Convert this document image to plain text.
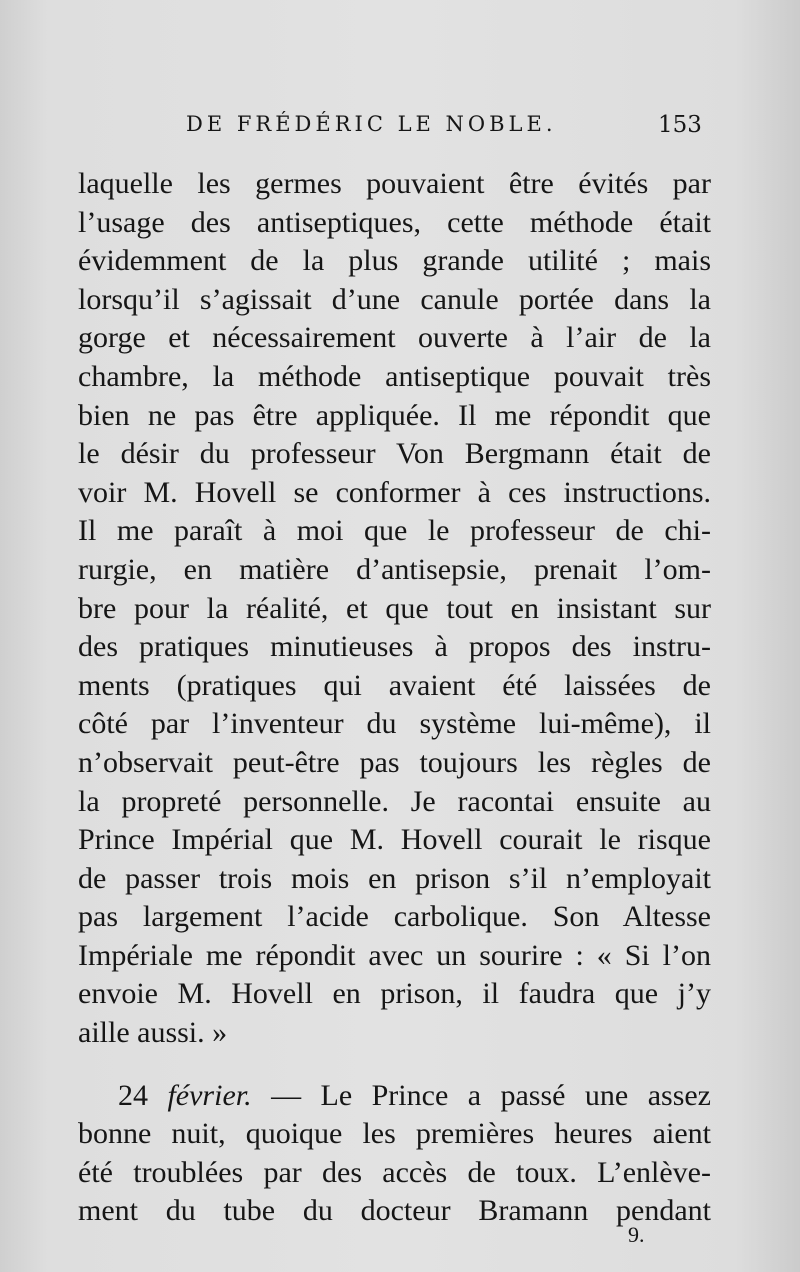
DE FRÉDÉRIC LE NOBLE.	153
laquelle les germes pouvaient être évités par
l’usage des antiseptiques, cette méthode était
évidemment de la plus grande utilité ; mais
lorsqu’il s’agissait d’une canule portée dans la
gorge et nécessairement ouverte à l’air de la
chambre, la méthode antiseptique pouvait très
bien ne pas être appliquée. Il me répondit que
le désir du professeur Von Bergmann était de
voir M. Hovell se conformer à ces instructions.
Il me paraît à moi que le professeur de chi-
rurgie, en matière d’antisepsie, prenait l’om-
bre pour la réalité, et que tout en insistant sur
des pratiques minutieuses à propos des instru-
ments (pratiques qui avaient été laissées de
côté par l’inventeur du système lui-même), il
n’observait peut-être pas toujours les règles de
la propreté personnelle. Je racontai ensuite au
Prince Impérial que M. Hovell courait le risque
de passer trois mois en prison s’il n’employait
pas largement l’acide carbolique. Son Altesse
Impériale me répondit avec un sourire : « Si l’on
envoie M. Hovell en prison, il faudra que j’y
aille aussi. »
24 février. — Le Prince a passé une assez
bonne nuit, quoique les premières heures aient
été troublées par des accès de toux. L’enlève-
ment du tube du docteur Bramann pendant
9.
